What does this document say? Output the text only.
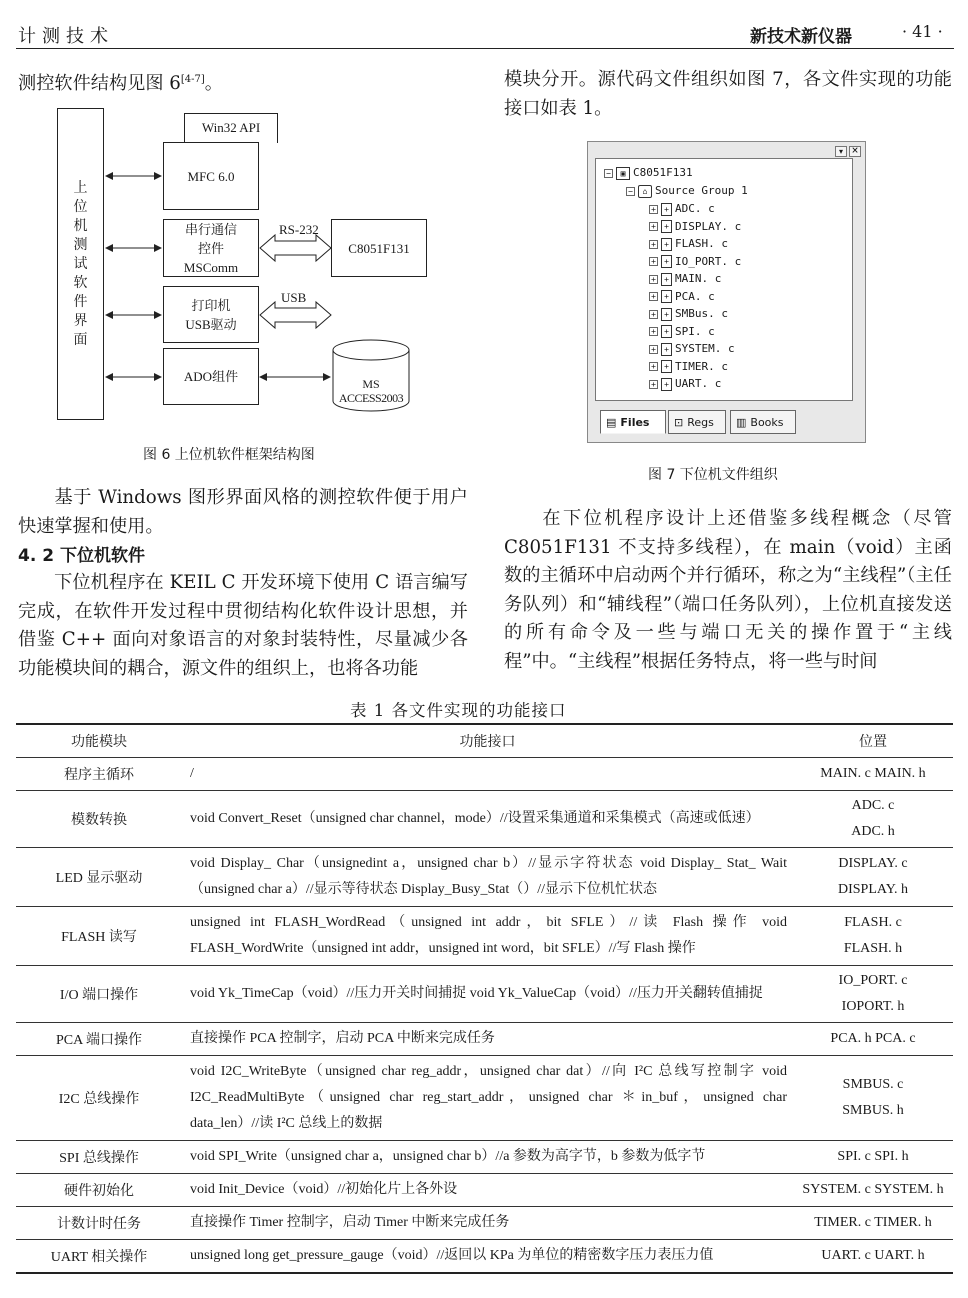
计测技术	新技术新仪器	· 41 ·
测控软件结构见图 6[4-7]。
上
位
机
测
试
软
件
界
面
Win32 API
MFC 6.0
串行通信
控件
MSComm
打印机
USB驱动
ADO组件
C8051F131
RS-232
USB
MS
ACCESS2003
图 6 上位机软件框架结构图
基于 Windows 图形界面风格的测控软件便于用户快速掌握和使用。
4. 2 下位机软件
下位机程序在 KEIL C 开发环境下使用 C 语言编写完成，在软件开发过程中贯彻结构化软件设计思想，并借鉴 C++ 面向对象语言的对象封装特性，尽量减少各功能模块间的耦合，源文件的组织上，也将各功能
模块分开。源代码文件组织如图 7，各文件实现的功能接口如表 1。
▾ ×
− ▣ C8051F131
− ⌂ Source Group 1
+ + ADC. c
+ + DISPLAY. c
+ + FLASH. c
+ + IO_PORT. c
+ + MAIN. c
+ + PCA. c
+ + SMBus. c
+ + SPI. c
+ + SYSTEM. c
+ + TIMER. c
+ + UART. c
▤ Files ⊡ Regs ▥ Books
图 7 下位机文件组织
在下位机程序设计上还借鉴多线程概念（尽管 C8051F131 不支持多线程），在 main（void）主函数的主循环中启动两个并行循环，称之为“主线程”（主任务队列）和“辅线程”（端口任务队列），上位机直接发送的所有命令及一些与端口无关的操作置于“主线程”中。“主线程”根据任务特点，将一些与时间
表 1 各文件实现的功能接口
功能模块	功能接口	位置
程序主循环	/	MAIN. c MAIN. h
模数转换	void Convert_Reset（unsigned char channel，mode）//设置采集通道和采集模式（高速或低速）	ADC. c
ADC. h
LED 显示驱动	void Display_ Char（unsignedint a，unsigned char b）//显示字符状态 void Display_ Stat_ Wait（unsigned char a）//显示等待状态 Display_Busy_Stat（）//显示下位机忙状态	DISPLAY. c
DISPLAY. h
FLASH 读写	unsigned int FLASH_WordRead（unsigned int addr，bit SFLE）//读 Flash 操作 void FLASH_WordWrite（unsigned int addr，unsigned int word，bit SFLE）//写 Flash 操作	FLASH. c
FLASH. h
I/O 端口操作	void Yk_TimeCap（void）//压力开关时间捕捉 void Yk_ValueCap（void）//压力开关翻转值捕捉	IO_PORT. c
IOPORT. h
PCA 端口操作	直接操作 PCA 控制字，启动 PCA 中断来完成任务	PCA. h PCA. c
I2C 总线操作	void I2C_WriteByte（unsigned char reg_addr，unsigned char dat）//向 I²C 总线写控制字 void I2C_ReadMultiByte（unsigned char reg_start_addr，unsigned char ＊in_buf，unsigned char data_len）//读 I²C 总线上的数据	SMBUS. c
SMBUS. h
SPI 总线操作	void SPI_Write（unsigned char a，unsigned char b）//a 参数为高字节，b 参数为低字节	SPI. c SPI. h
硬件初始化	void Init_Device（void）//初始化片上各外设	SYSTEM. c SYSTEM. h
计数计时任务	直接操作 Timer 控制字，启动 Timer 中断来完成任务	TIMER. c TIMER. h
UART 相关操作	unsigned long get_pressure_gauge（void）//返回以 KPa 为单位的精密数字压力表压力值	UART. c UART. h
